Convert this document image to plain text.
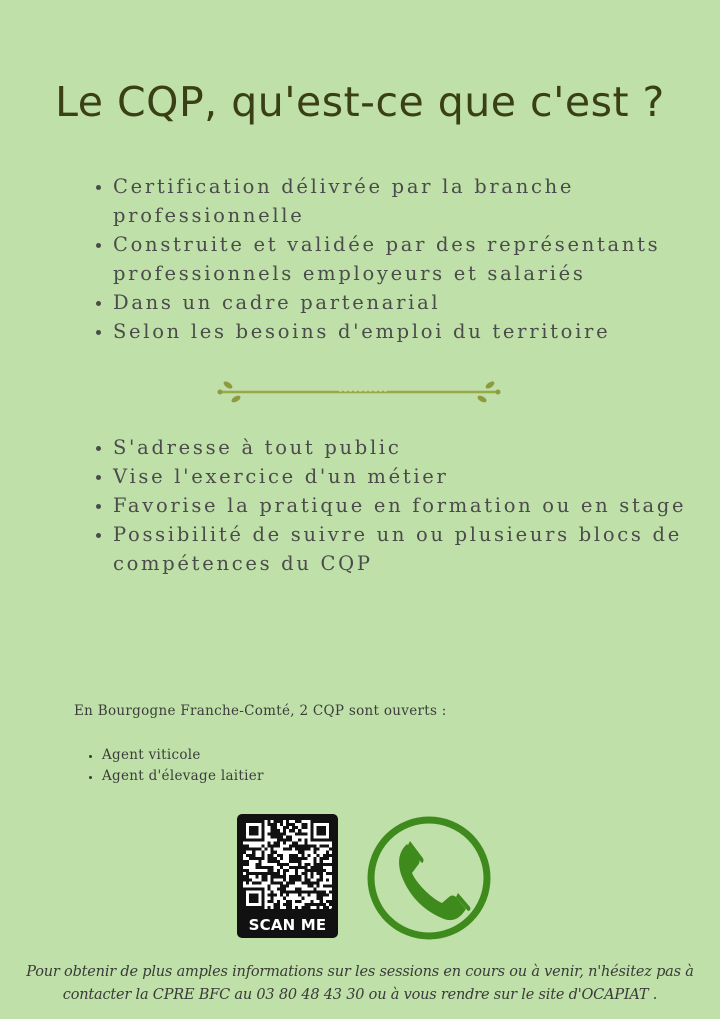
Le CQP, qu'est-ce que c'est ?
• Certification délivrée par la branche professionnelle
• Construite et validée par des représentants professionnels employeurs et salariés
• Dans un cadre partenarial
• Selon les besoins d'emploi du territoire
• S'adresse à tout public
• Vise l'exercice d'un métier
• Favorise la pratique en formation ou en stage
• Possibilité de suivre un ou plusieurs blocs de compétences du CQP
En Bourgogne Franche-Comté, 2 CQP sont ouverts :
• Agent viticole
• Agent d'élevage laitier
SCAN ME
Pour obtenir de plus amples informations sur les sessions en cours ou à venir, n'hésitez pas à
contacter la CPRE BFC au 03 80 48 43 30 ou à vous rendre sur le site d'OCAPIAT .
